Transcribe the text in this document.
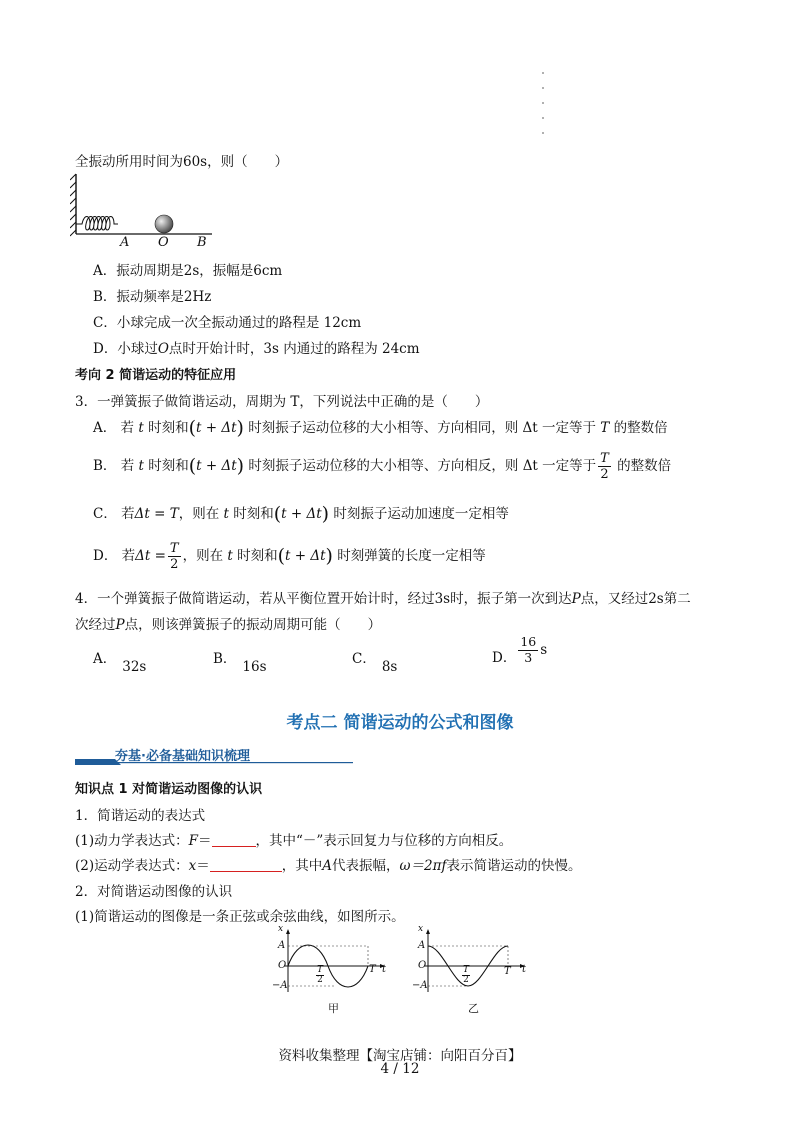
全振动所用时间为60s，则（　　）
A O B
A．振动周期是2s，振幅是6cm
B．振动频率是2Hz
C．小球完成一次全振动通过的路程是 12cm
D．小球过O点时开始计时，3s 内通过的路程为 24cm
考向 2 简谐运动的特征应用
3．一弹簧振子做简谐运动，周期为 T，下列说法中正确的是（　　）
A． 若 t 时刻和(t + Δt) 时刻振子运动位移的大小相等、方向相同，则 Δt 一定等于 T 的整数倍
B． 若 t 时刻和(t + Δt) 时刻振子运动位移的大小相等、方向相反，则 Δt 一定等于 $\frac{T}{2}$ 的整数倍
C． 若Δt = T，则在 t 时刻和(t + Δt) 时刻振子运动加速度一定相等
D． 若$\Delta t = \frac{T}{2}$ ，则在 t 时刻和(t + Δt) 时刻弹簧的长度一定相等
4．一个弹簧振子做简谐运动，若从平衡位置开始计时，经过3s时，振子第一次到达P点，又经过2s第二
次经过P点，则该弹簧振子的振动周期可能（　　）
A． 32s	B． 16s	C． 8s
D． $\frac{16}{3}$ s
考点二 简谐运动的公式和图像
夯基·必备基础知识梳理
知识点 1 对简谐运动图像的认识
1．简谐运动的表达式
(1)动力学表达式：F＝	，其中“－”表示回复力与位移的方向相反。
(2)运动学表达式：x＝	，其中A代表振幅，ω＝2πf表示简谐运动的快慢。
2．对简谐运动图像的认识
(1)简谐运动的图像是一条正弦或余弦曲线，如图所示。
x
A
O
−A
T t
T
2
甲
x
A
O
−A
T t
T
2
乙
资料收集整理【淘宝店铺：向阳百分百】
4 / 12
